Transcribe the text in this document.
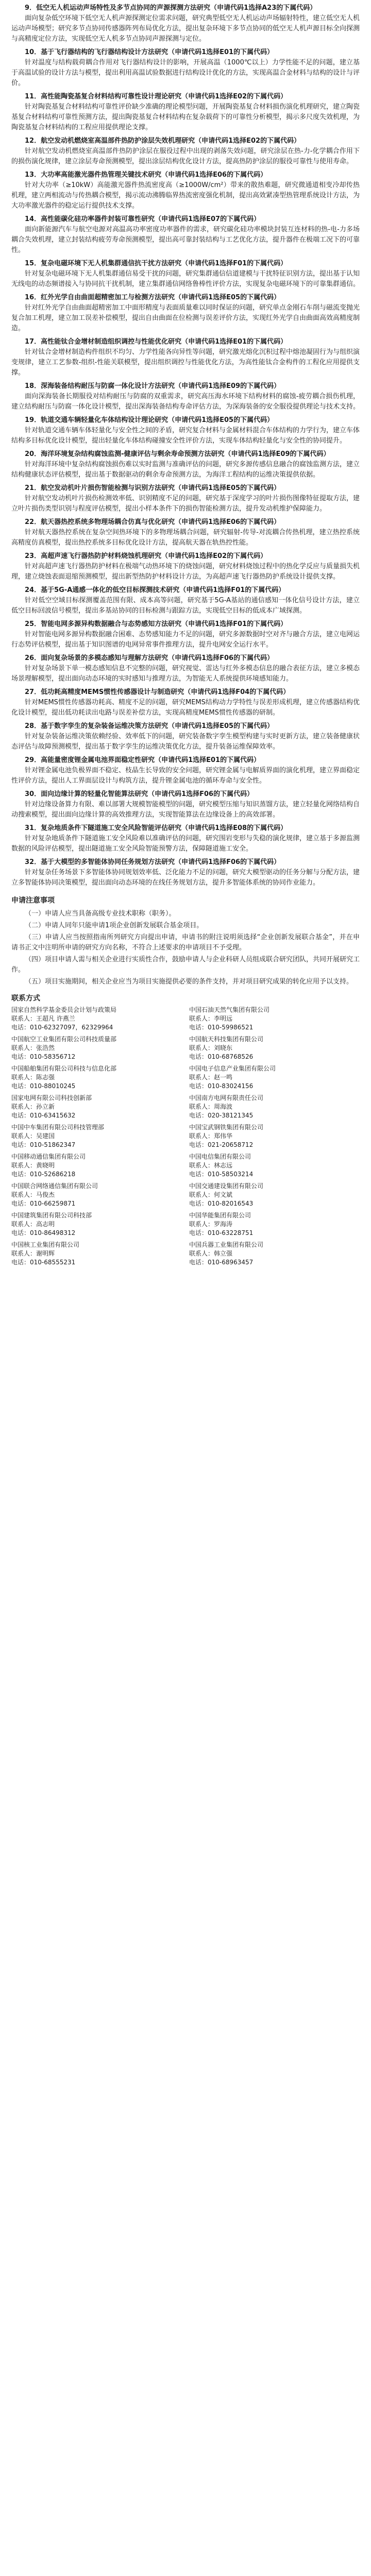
9．低空无人机运动声场特性及多节点协同的声源探测方法研究（申请代码1选择A23的下属代码）

面向复杂低空环境下低空无人机声源探测定位需求问题，研究典型低空无人机运动声场辐射特性，建立低空无人机运动声场模型；研究多节点协同传感器阵列布局优化方法，提出复杂环境下多节点协同的低空无人机声源目标全向探测与高精度定位方法，实现低空无人机多节点协同声源探测与定位。

10．基于飞行器结构的飞行器结构设计方法研究（申请代码1选择E01的下属代码）

针对温度与结构载荷耦合作用对飞行器结构设计的影响，开展高温（1000℃以上）力学性能不足的问题，建立基于高温试验的设计方法与模型，提出利用高温试验数据进行结构设计优化的方法，实现高温合金材料与结构的设计与评价。

11．高性能陶瓷基复合材料结构可靠性设计理论研究（申请代码1选择E02的下属代码）

针对陶瓷基复合材料结构可靠性评价缺少准确的理论模型问题，开展陶瓷基复合材料损伤演化机理研究，建立陶瓷基复合材料结构可靠性预测方法，提出陶瓷基复合材料结构在复杂载荷下的可靠性分析模型，揭示多尺度失效机理，为陶瓷基复合材料结构的工程应用提供理论支撑。

12．航空发动机燃烧室高温部件热防护涂层失效机理研究（申请代码1选择E02的下属代码）

针对航空发动机燃烧室高温部件热防护涂层在服役过程中出现的剥落失效问题，研究涂层在热-力-化学耦合作用下的损伤演化规律，建立涂层寿命预测模型，提出涂层结构优化设计方法，提高热防护涂层的服役可靠性与使用寿命。

13．大功率高能激光器件热管理关键技术研究（申请代码1选择E06的下属代码）

针对大功率（≥10kW）高能激光器件热流密度高（≥1000W/cm²）带来的散热难题，研究微通道相变冷却传热机理，建立两相流动与传热耦合模型，揭示流动沸腾临界热流密度强化机制，提出高效紧凑型热管理系统设计方法，为大功率激光器件的稳定运行提供技术支撑。

14．高性能碳化硅功率器件封装可靠性研究（申请代码1选择E07的下属代码）

面向新能源汽车与航空电源对高温高功率密度功率器件的需求，研究碳化硅功率模块封装互连材料的热-电-力多场耦合失效机理，建立封装结构疲劳寿命预测模型，提出高可靠封装结构与工艺优化方法，提升器件在极端工况下的可靠性。

15．复杂电磁环境下无人机集群通信抗干扰方法研究（申请代码1选择F01的下属代码）

针对复杂电磁环境下无人机集群通信易受干扰的问题，研究集群通信信道建模与干扰特征识别方法，提出基于认知无线电的动态频谱接入与协同抗干扰机制，建立集群通信网络鲁棒性评价方法，实现复杂电磁环境下的可靠集群通信。

16．红外光学自由曲面超精密加工与检测方法研究（申请代码1选择E05的下属代码）

针对红外光学自由曲面超精密加工中面形精度与表面质量难以同时保证的问题，研究单点金刚石车削与磁流变抛光复合加工机理，建立加工误差补偿模型，提出自由曲面在位检测与误差评价方法，实现红外光学自由曲面高效高精度制造。

17．高性能钛合金增材制造组织调控与性能优化研究（申请代码1选择E01的下属代码）

针对钛合金增材制造构件组织不均匀、力学性能各向异性等问题，研究激光熔化沉积过程中熔池凝固行为与组织演变规律，建立工艺参数-组织-性能关联模型，提出组织调控与性能优化方法，为高性能钛合金构件的工程化应用提供支撑。

18．深海装备结构耐压与防腐一体化设计方法研究（申请代码1选择E09的下属代码）

面向深海装备长期服役对结构耐压与防腐的双重需求，研究高压海水环境下结构材料的腐蚀-疲劳耦合损伤机理，建立结构耐压与防腐一体化设计模型，提出深海装备结构寿命评估方法，为深海装备的安全服役提供理论与技术支持。

19．轨道交通车辆轻量化车体结构设计理论研究（申请代码1选择E05的下属代码）

针对轨道交通车辆车体轻量化与安全性之间的矛盾，研究复合材料与金属材料混合车体结构的力学行为，建立车体结构多目标优化设计模型，提出轻量化车体结构碰撞安全性评价方法，实现车体结构轻量化与安全性的协同提升。

20．海洋环境复杂结构腐蚀监测-健康评估与剩余寿命预测方法研究（申请代码1选择E09的下属代码）

针对海洋环境中复杂结构腐蚀损伤难以实时监测与准确评估的问题，研究多源传感信息融合的腐蚀监测方法，建立结构健康状态评估模型，提出基于数据驱动的剩余寿命预测方法，为海洋工程结构的运维决策提供依据。

21．航空发动机叶片损伤智能检测与识别方法研究（申请代码1选择E05的下属代码）

针对航空发动机叶片损伤检测效率低、识别精度不足的问题，研究基于深度学习的叶片损伤图像特征提取方法，建立叶片损伤类型识别与程度评估模型，提出小样本条件下的损伤智能检测方法，提升发动机维护保障能力。

22．航天器热控系统多物理场耦合仿真与优化研究（申请代码1选择E06的下属代码）

针对航天器热控系统在复杂空间热环境下的多物理场耦合问题，研究辐射-传导-对流耦合传热机理，建立热控系统高精度仿真模型，提出热控系统多目标优化设计方法，提高航天器在轨热控性能。

23．高超声速飞行器热防护材料烧蚀机理研究（申请代码1选择E02的下属代码）

针对高超声速飞行器热防护材料在极端气动热环境下的烧蚀问题，研究材料烧蚀过程中的热化学反应与质量损失机理，建立烧蚀表面退缩预测模型，提出新型热防护材料设计方法，为高超声速飞行器热防护系统设计提供支撑。

24．基于5G-A通感一体化的低空目标探测技术研究（申请代码1选择F01的下属代码）

针对低空空域目标探测覆盖范围有限、成本高等问题，研究基于5G-A基站的通信感知一体化信号设计方法，建立低空目标回波信号模型，提出多基站协同的目标检测与跟踪方法，实现低空目标的低成本广域探测。

25．智能电网多源异构数据融合与态势感知方法研究（申请代码1选择F01的下属代码）

针对智能电网多源异构数据融合困难、态势感知能力不足的问题，研究多源数据时空对齐与融合方法，建立电网运行态势评估模型，提出基于知识图谱的电网异常事件推理方法，提升电网安全运行水平。

26．面向复杂场景的多模态感知与理解方法研究（申请代码1选择F06的下属代码）

针对复杂场景下单一模态感知信息不完整的问题，研究视觉、雷达与红外多模态信息的融合表征方法，建立多模态场景理解模型，提出面向动态环境的实时感知与推理方法，为智能无人系统提供环境感知能力。

27．低功耗高精度MEMS惯性传感器设计与制造研究（申请代码1选择F04的下属代码）

针对MEMS惯性传感器功耗高、精度不足的问题，研究MEMS结构动力学特性与误差形成机理，建立传感器结构优化设计模型，提出低功耗读出电路与误差补偿方法，实现高精度MEMS惯性传感器的研制。

28．基于数字孪生的复杂装备运维决策方法研究（申请代码1选择E05的下属代码）

针对复杂装备运维决策依赖经验、效率低下的问题，研究装备数字孪生模型构建与实时更新方法，建立装备健康状态评估与故障预测模型，提出基于数字孪生的运维决策优化方法，提升装备运维保障效率。

29．高能量密度锂金属电池界面稳定性研究（申请代码1选择E01的下属代码）

针对锂金属电池负极界面不稳定、枝晶生长导致的安全问题，研究锂金属与电解质界面的演化机理，建立界面稳定性评价方法，提出人工界面层设计与构筑方法，提升锂金属电池的循环寿命与安全性。

30．面向边缘计算的轻量化智能算法研究（申请代码1选择F06的下属代码）

针对边缘设备算力有限、难以部署大规模智能模型的问题，研究模型压缩与知识蒸馏方法，建立轻量化网络结构自动搜索模型，提出面向边缘计算的高效推理方法，实现智能算法在边缘设备上的高效部署。

31．复杂地质条件下隧道施工安全风险智能评估研究（申请代码1选择E08的下属代码）

针对复杂地质条件下隧道施工安全风险难以准确评估的问题，研究围岩变形与失稳的演化规律，建立基于多源监测数据的风险评估模型，提出隧道施工安全风险智能预警方法，保障隧道施工安全。

32．基于大模型的多智能体协同任务规划方法研究（申请代码1选择F06的下属代码）

针对复杂任务场景下多智能体协同规划效率低、泛化能力不足的问题，研究大模型驱动的任务分解与分配方法，建立多智能体协同决策模型，提出面向动态环境的在线任务规划方法，提升多智能体系统的协同作业能力。

申请注意事项

（一）申请人应当具备高级专业技术职称（职务）。

（二）申请人同年只能申请1项企业创新发展联合基金项目。

（三）申请人应当按照指南所列研究方向提出申请，申请书的附注说明须选择“企业创新发展联合基金”，并在申请书正文中注明所申请的研究方向名称，不符合上述要求的申请项目不予受理。

（四）项目申请人需与相关企业进行实质性合作，鼓励申请人与企业科研人员组成联合研究团队，共同开展研究工作。

（五）项目实施期间，相关企业应当为项目实施提供必要的条件支持，并对项目研究成果的转化应用予以支持。

联系方式
国家自然科学基金委员会计划与政策局
联系人：王超凡 许燕兰
电话：010-62327097，62329964
中国石油天然气集团有限公司
联系人：李明远
电话：010-59986521
中国航空工业集团有限公司科技质量部
联系人：张浩然
电话：010-58356712
中国航天科技集团有限公司
联系人：刘晓东
电话：010-68768526
中国船舶集团有限公司科技与信息化部
联系人：陈志强
电话：010-88010245
中国电子信息产业集团有限公司
联系人：赵一鸣
电话：010-83024156
国家电网有限公司科技创新部
联系人：孙立新
电话：010-63415632
中国南方电网有限责任公司
联系人：周海波
电话：020-38121345
中国中车集团有限公司科技管理部
联系人：吴建国
电话：010-51862347
中国宝武钢铁集团有限公司
联系人：郑伟华
电话：021-20658712
中国移动通信集团有限公司
联系人：黄晓明
电话：010-52686218
中国电信集团有限公司
联系人：林志远
电话：010-58503214
中国联合网络通信集团有限公司
联系人：马俊杰
电话：010-66259871
中国交通建设集团有限公司
联系人：何文斌
电话：010-82016543
中国建筑集团有限公司科技部
联系人：高志明
电话：010-86498312
中国华能集团有限公司
联系人：罗海涛
电话：010-63228751
中国核工业集团有限公司
联系人：谢明辉
电话：010-68555231
中国兵器工业集团有限公司
联系人：韩立强
电话：010-68963457
